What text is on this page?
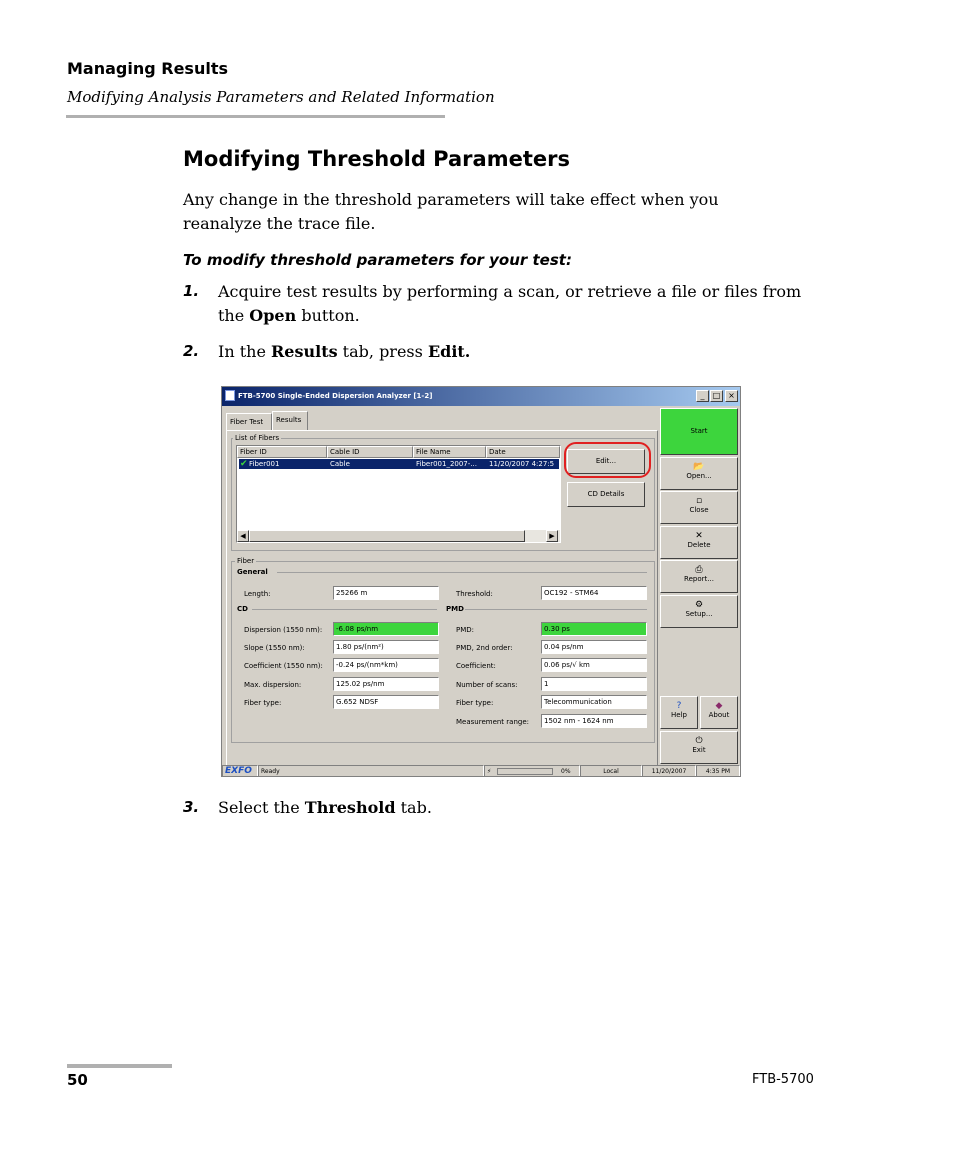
Managing Results
Modifying Analysis Parameters and Related Information
Modifying Threshold Parameters
Any change in the threshold parameters will take effect when you reanalyze the trace file.
To modify threshold parameters for your test:
1. Acquire test results by performing a scan, or retrieve a file or files from the Open button.
2. In the Results tab, press Edit.
FTB-5700 Single-Ended Dispersion Analyzer [1-2]	_	□ ×
Fiber Test	Results
List of Fibers
Fiber ID	Cable ID	File Name	Date
✔ Fiber001	Cable	Fiber001_2007-... 11/20/2007 4:27:5
◀	▶
Edit...
CD Details
Fiber
General
Length:	25266 m	Threshold:	OC192 - STM64
CD	PMD
Dispersion (1550 nm):	-6.08 ps/nm
Slope (1550 nm):	1.80 ps/(nm²)
Coefficient (1550 nm):	-0.24 ps/(nm*km)
Max. dispersion:	125.02 ps/nm
Fiber type:	G.652 NDSF
PMD:	0.30 ps
PMD, 2nd order:	0.04 ps/nm
Coefficient:	0.06 ps/√ km
Number of scans:	1
Fiber type:	Telecommunication
Measurement range:	1502 nm - 1624 nm
Start
📂
Open...
▫
Close
✕
Delete
⎙
Report...
⚙
Setup...
?
Help
◆
About
⏻
Exit
EXFO	Ready	⚡	0%	Local	11/20/2007	4:35 PM
3. Select the Threshold tab.
50	FTB-5700
